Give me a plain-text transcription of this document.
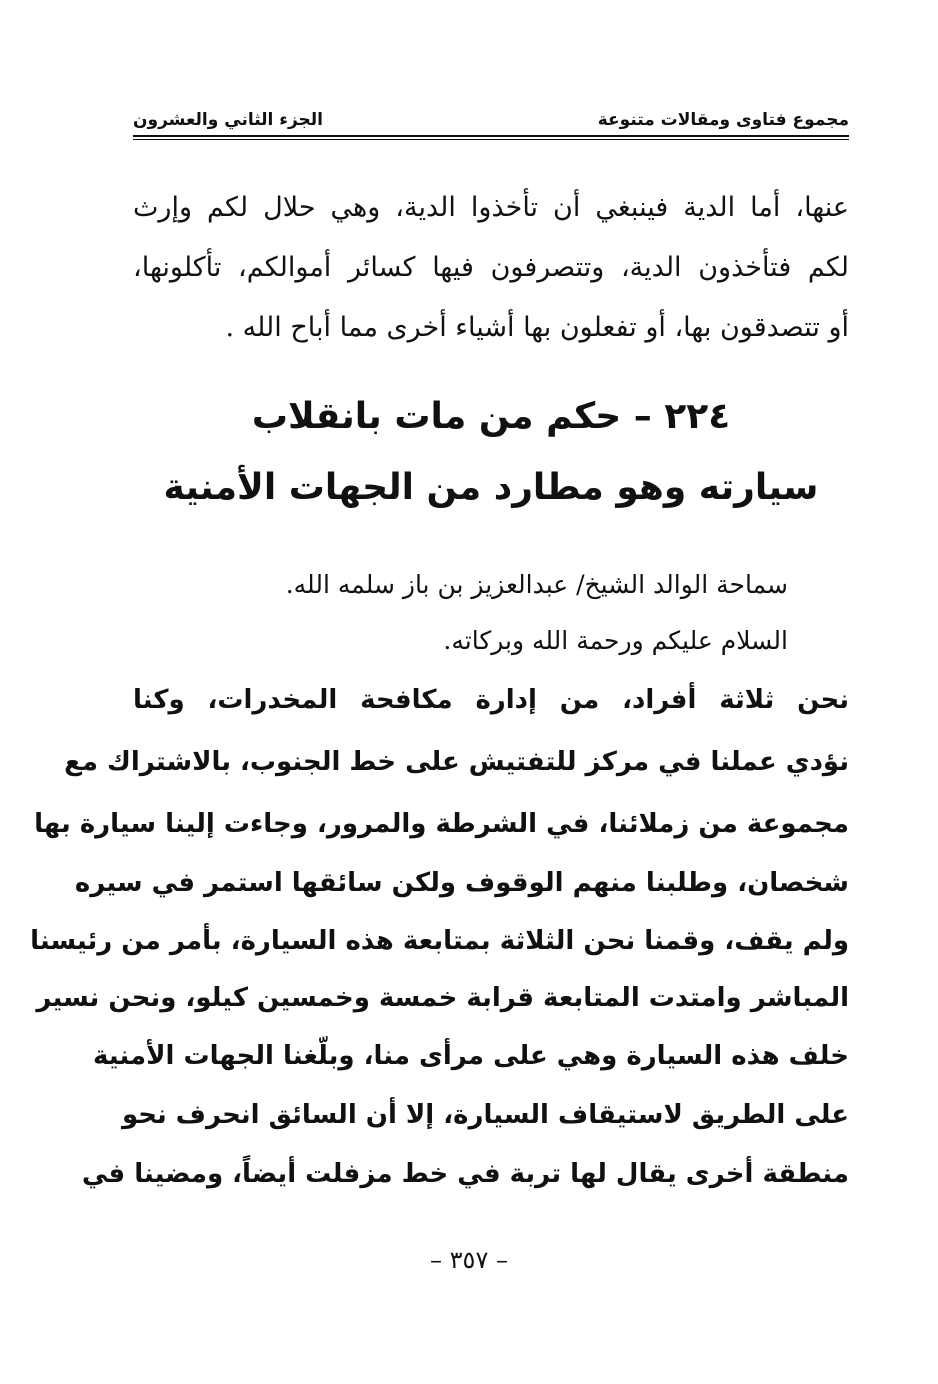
مجموع فتاوى ومقالات متنوعة
الجزء الثاني والعشرون
عنها، أما الدية فينبغي أن تأخذوا الدية، وهي حلال لكم وإرث
لكم فتأخذون الدية، وتتصرفون فيها كسائر أموالكم، تأكلونها،
أو تتصدقون بها، أو تفعلون بها أشياء أخرى مما أباح الله .
٢٢٤ – حكم من مات بانقلاب
سيارته وهو مطارد من الجهات الأمنية
سماحة الوالد الشيخ/ عبدالعزيز بن باز سلمه الله.
السلام عليكم ورحمة الله وبركاته.
نحن ثلاثة أفراد، من إدارة مكافحة المخدرات، وكنا
نؤدي عملنا في مركز للتفتيش على خط الجنوب، بالاشتراك مع
مجموعة من زملائنا، في الشرطة والمرور، وجاءت إلينا سيارة بها
شخصان، وطلبنا منهم الوقوف ولكن سائقها استمر في سيره
ولم يقف، وقمنا نحن الثلاثة بمتابعة هذه السيارة، بأمر من رئيسنا
المباشر وامتدت المتابعة قرابة خمسة وخمسين كيلو، ونحن نسير
خلف هذه السيارة وهي على مرأى منا، وبلّغنا الجهات الأمنية
على الطريق لاستيقاف السيارة، إلا أن السائق انحرف نحو
منطقة أخرى يقال لها تربة في خط مزفلت أيضاً، ومضينا في
– ٣٥٧ –
